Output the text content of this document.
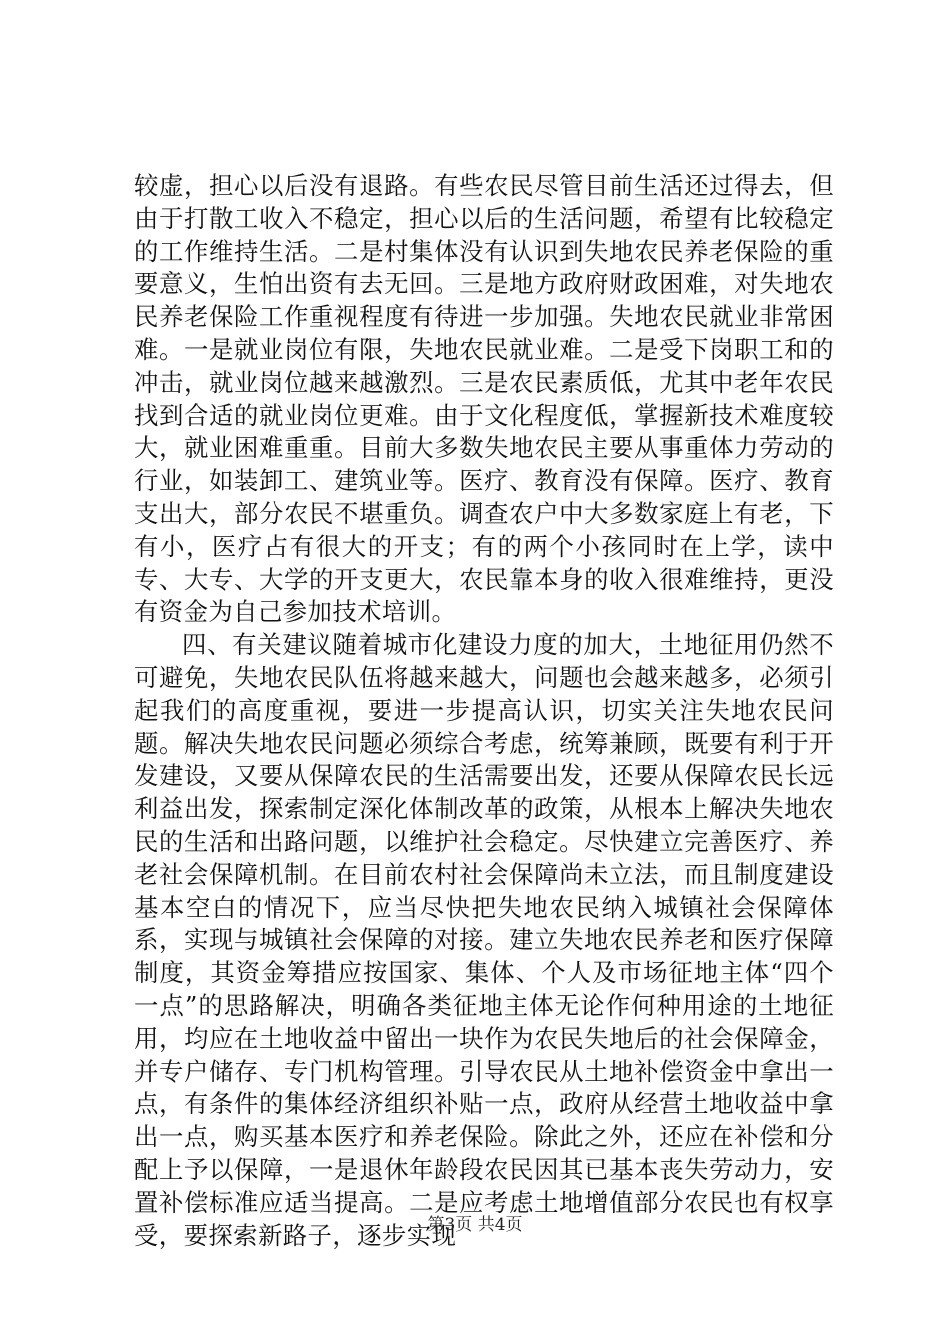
较虚，担心以后没有退路。有些农民尽管目前生活还过得去，但由于打散工收入不稳定，担心以后的生活问题，希望有比较稳定的工作维持生活。二是村集体没有认识到失地农民养老保险的重要意义，生怕出资有去无回。三是地方政府财政困难，对失地农民养老保险工作重视程度有待进一步加强。失地农民就业非常困难。一是就业岗位有限，失地农民就业难。二是受下岗职工和的冲击，就业岗位越来越激烈。三是农民素质低，尤其中老年农民找到合适的就业岗位更难。由于文化程度低，掌握新技术难度较大，就业困难重重。目前大多数失地农民主要从事重体力劳动的行业，如装卸工、建筑业等。医疗、教育没有保障。医疗、教育支出大，部分农民不堪重负。调查农户中大多数家庭上有老，下有小，医疗占有很大的开支；有的两个小孩同时在上学，读中专、大专、大学的开支更大，农民靠本身的收入很难维持，更没有资金为自己参加技术培训。

四、有关建议随着城市化建设力度的加大，土地征用仍然不可避免，失地农民队伍将越来越大，问题也会越来越多，必须引起我们的高度重视，要进一步提高认识，切实关注失地农民问题。解决失地农民问题必须综合考虑，统筹兼顾，既要有利于开发建设，又要从保障农民的生活需要出发，还要从保障农民长远利益出发，探索制定深化体制改革的政策，从根本上解决失地农民的生活和出路问题，以维护社会稳定。尽快建立完善医疗、养老社会保障机制。在目前农村社会保障尚未立法，而且制度建设基本空白的情况下，应当尽快把失地农民纳入城镇社会保障体系，实现与城镇社会保障的对接。建立失地农民养老和医疗保障制度，其资金筹措应按国家、集体、个人及市场征地主体“四个一点”的思路解决，明确各类征地主体无论作何种用途的土地征用，均应在土地收益中留出一块作为农民失地后的社会保障金，并专户储存、专门机构管理。引导农民从土地补偿资金中拿出一点，有条件的集体经济组织补贴一点，政府从经营土地收益中拿出一点，购买基本医疗和养老保险。除此之外，还应在补偿和分配上予以保障，一是退休年龄段农民因其已基本丧失劳动力，安置补偿标准应适当提高。二是应考虑土地增值部分农民也有权享受，要探索新路子，逐步实现

第3页 共4页
